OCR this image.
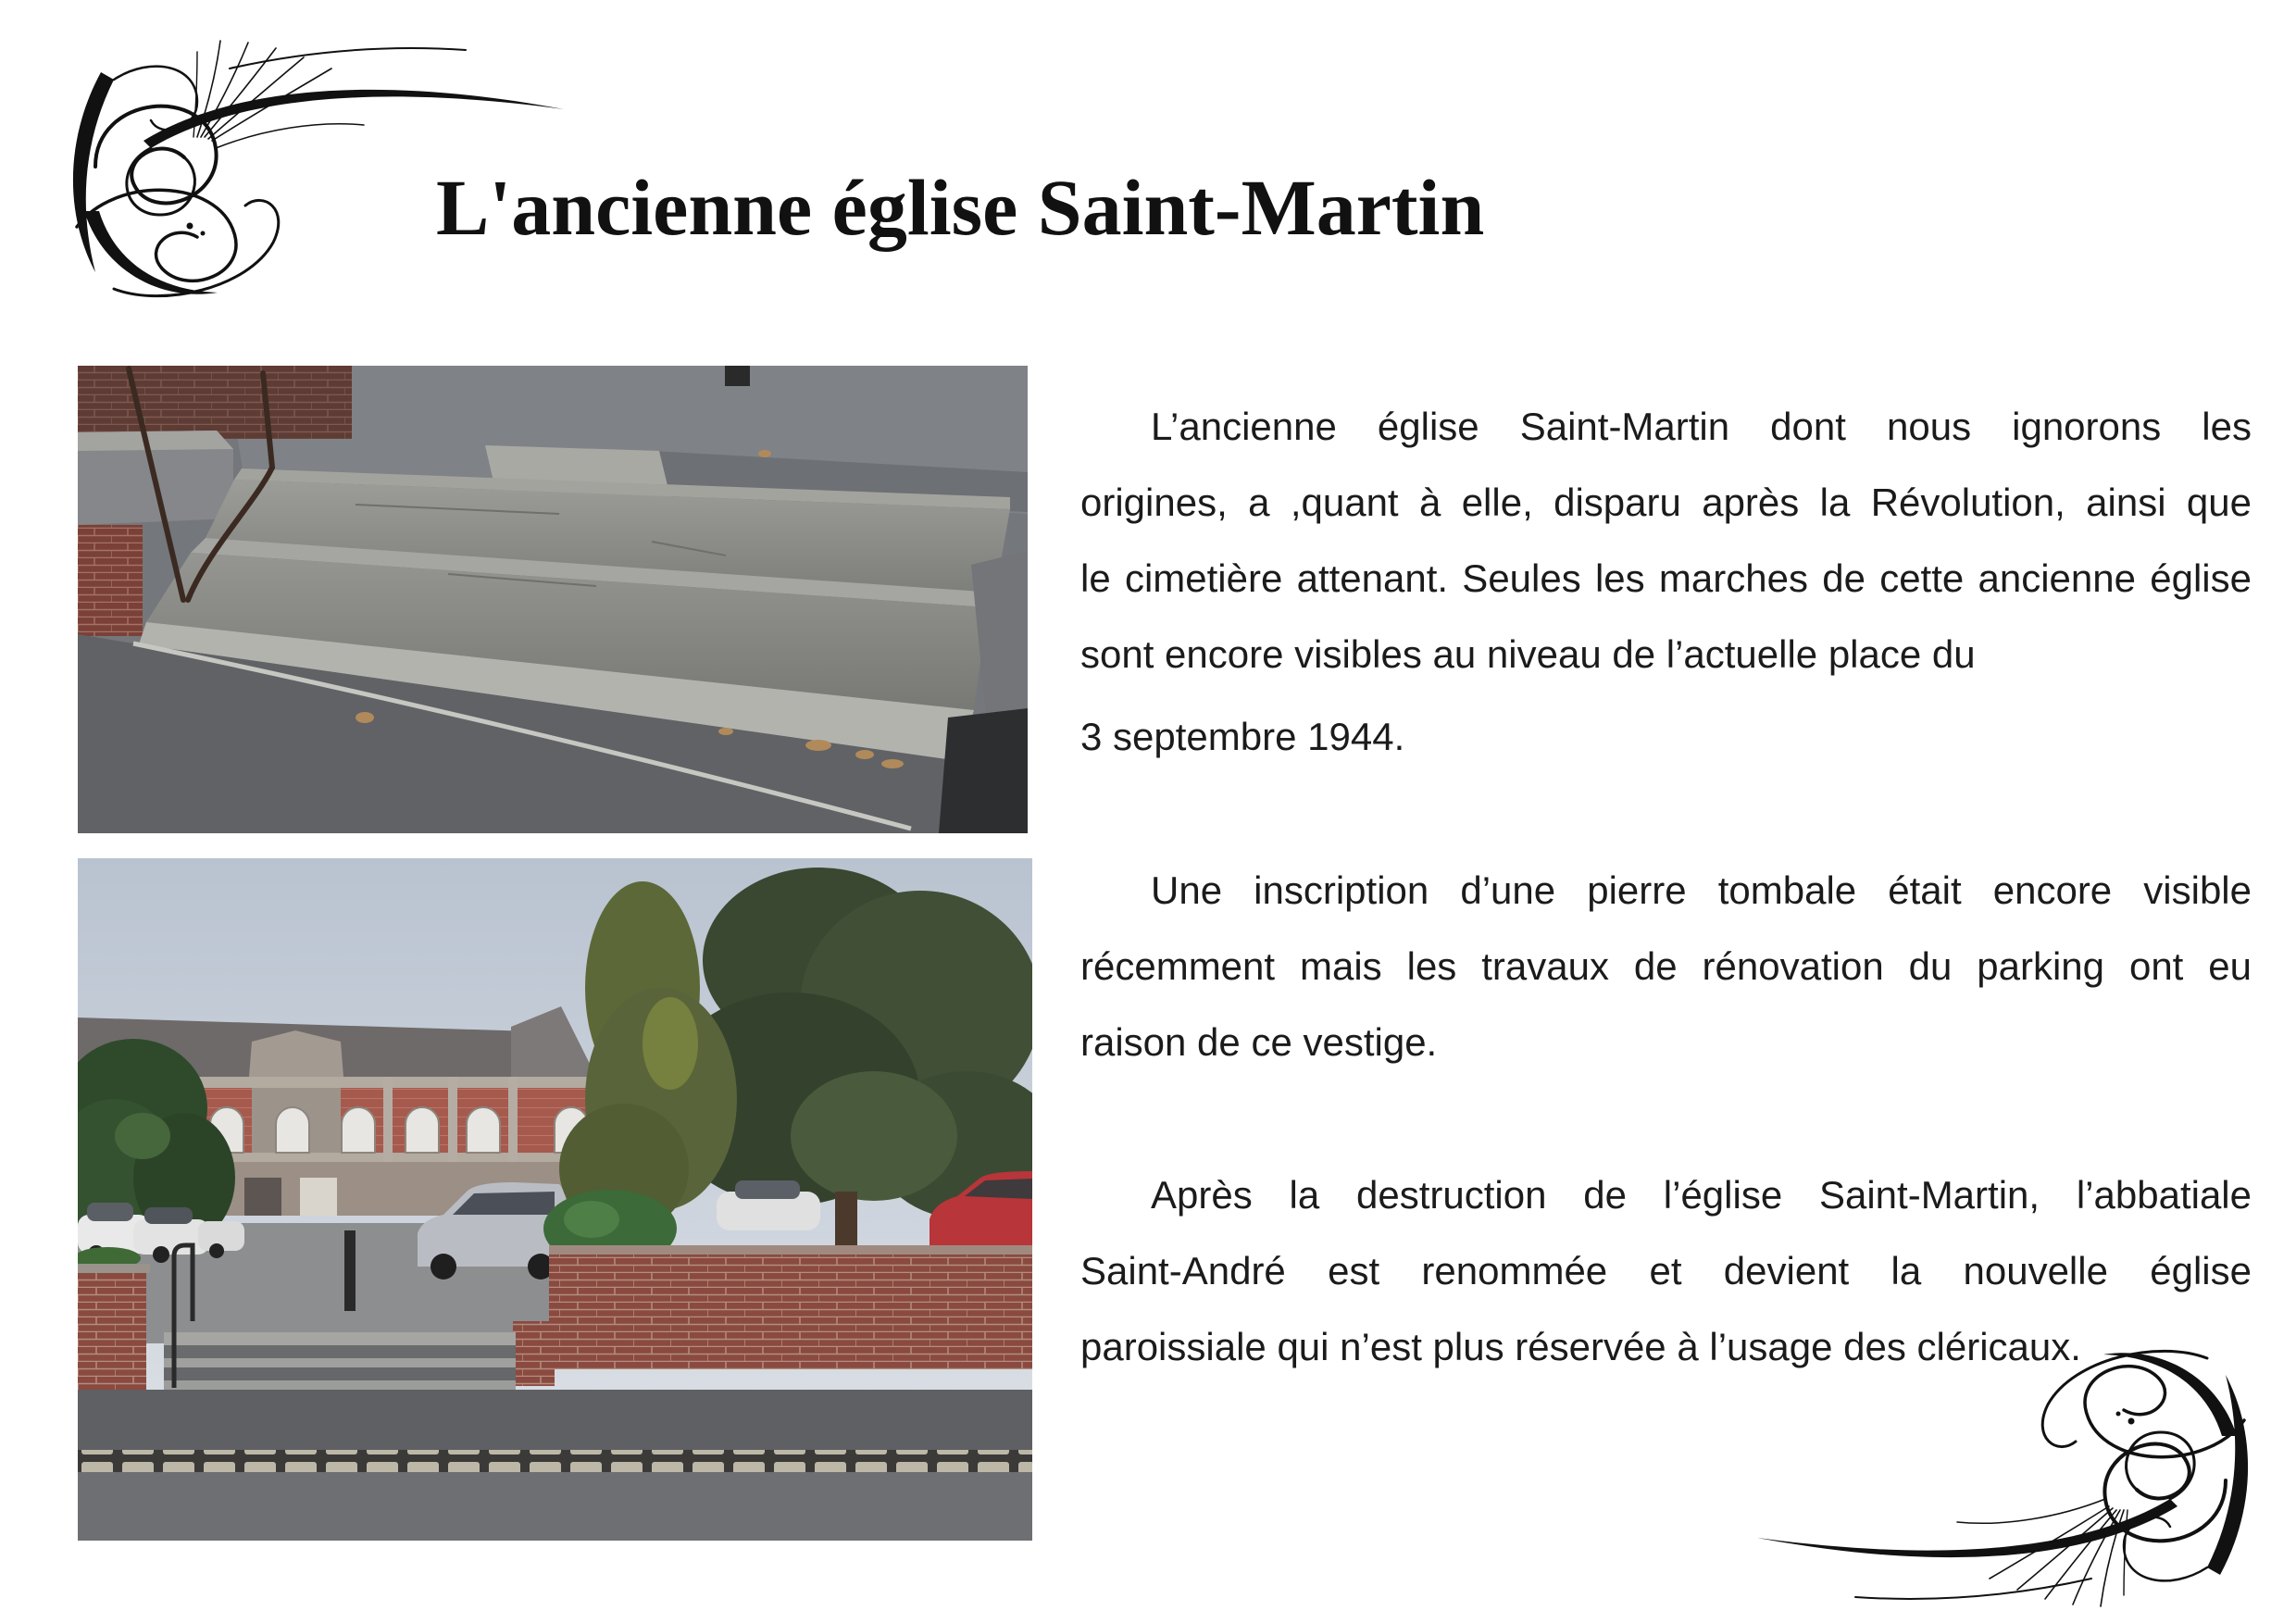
L'ancienne église Saint-Martin
L’ancienne église Saint-Martin dont nous ignorons les
origines, a ,quant à elle, disparu après la Révolution, ainsi que
le cimetière attenant. Seules les marches de cette ancienne église
sont encore visibles au niveau de l’actuelle place du
3 septembre 1944.
Une inscription d’une pierre tombale était encore visible
récemment mais les travaux de rénovation du parking ont eu
raison de ce vestige.
Après la destruction de l’église Saint-Martin, l’abbatiale
Saint-André est renommée et devient la nouvelle église
paroissiale qui n’est plus réservée à l’usage des cléricaux.
